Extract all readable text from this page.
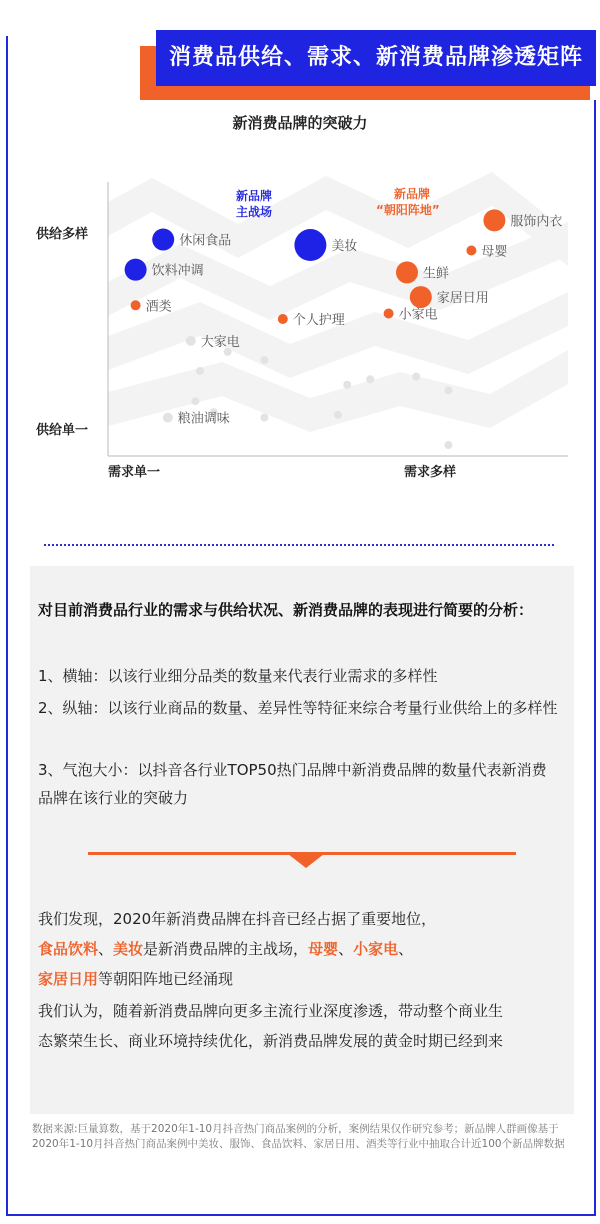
消费品供给、需求、新消费品牌渗透矩阵
新消费品牌的突破力
供给多样
供给单一
需求单一	需求多样
新品牌
主战场
新品牌
“朝阳阵地”
服饰内衣
休闲食品	美妆	母婴
饮料冲调	生鲜
家居日用
酒类
小家电
个人护理
大家电
粮油调味
对目前消费品行业的需求与供给状况、新消费品牌的表现进行简要的分析：
1、横轴：以该行业细分品类的数量来代表行业需求的多样性
2、纵轴：以该行业商品的数量、差异性等特征来综合考量行业供给上的多样性
3、气泡大小：以抖音各行业TOP50热门品牌中新消费品牌的数量代表新消费品牌在该行业的突破力
我们发现，2020年新消费品牌在抖音已经占据了重要地位，
食品饮料、美妆是新消费品牌的主战场，母婴、小家电、
家居日用等朝阳阵地已经涌现
我们认为，随着新消费品牌向更多主流行业深度渗透，带动整个商业生态繁荣生长、商业环境持续优化，新消费品牌发展的黄金时期已经到来
数据来源:巨量算数，基于2020年1-10月抖音热门商品案例的分析，案例结果仅作研究参考；新品牌人群画像基于2020年1-10月抖音热门商品案例中美妆、服饰、食品饮料、家居日用、酒类等行业中抽取合计近100个新品牌数据
